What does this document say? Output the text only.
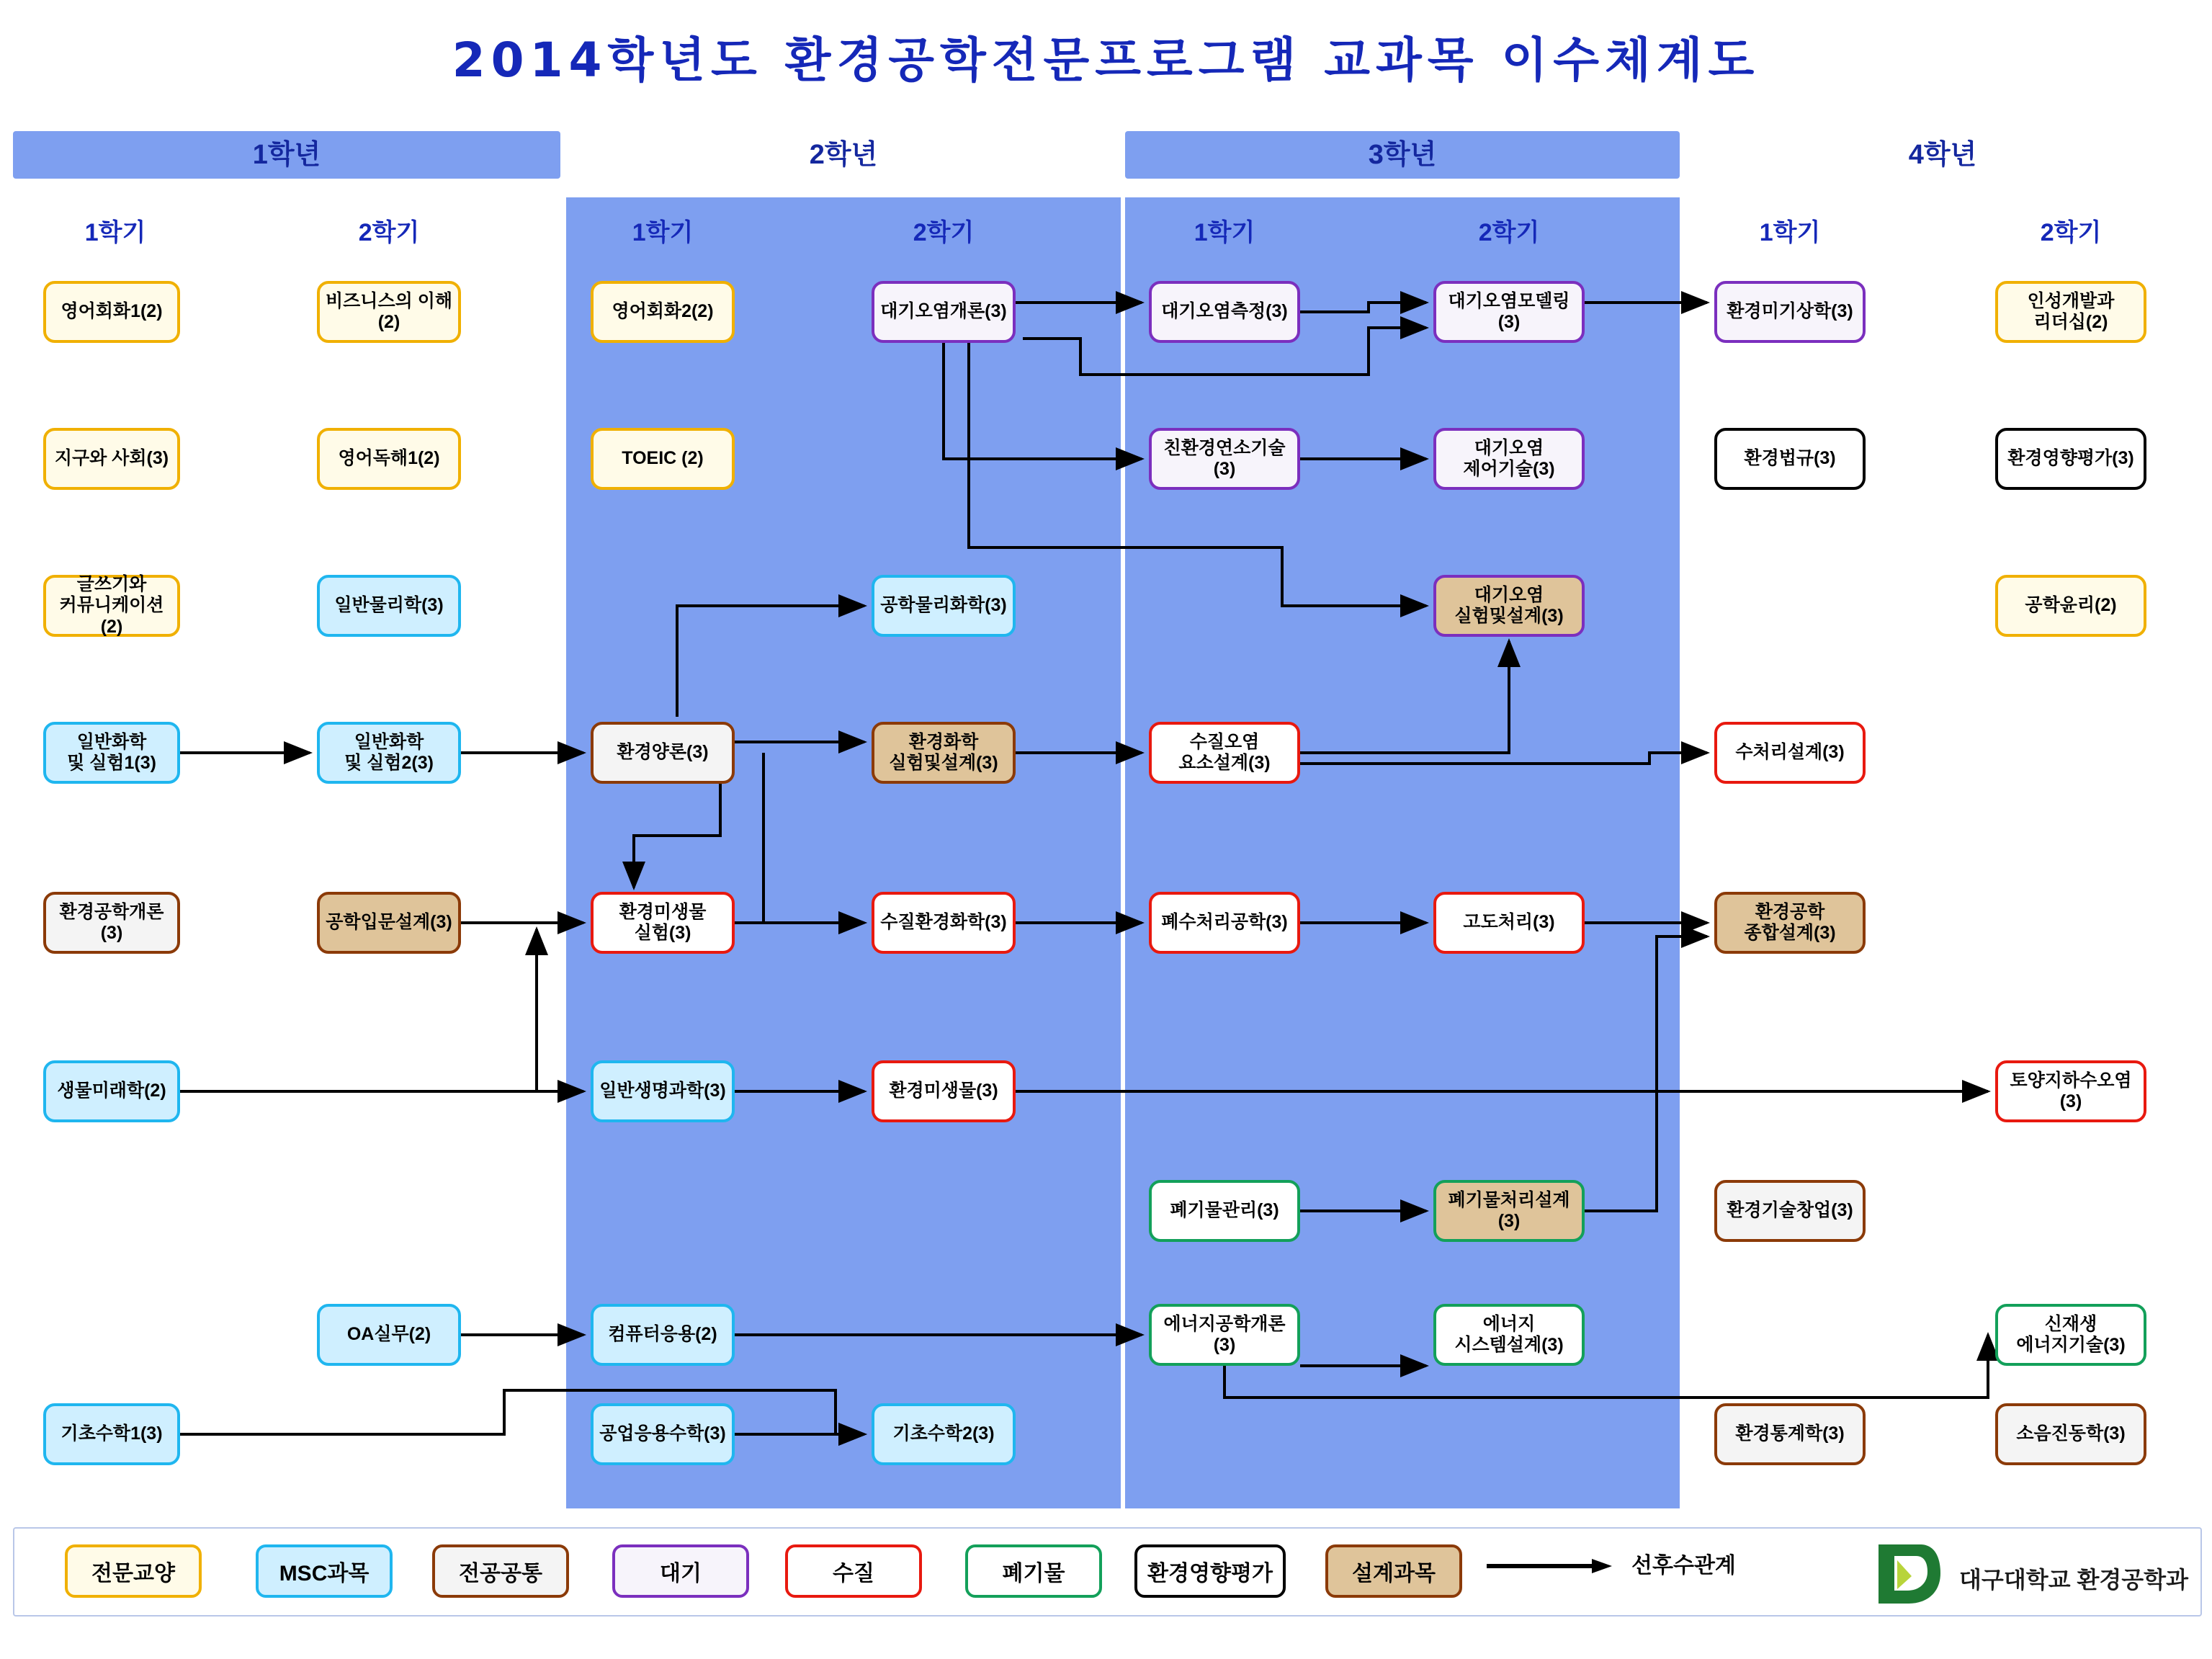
2014학년도 환경공학전문프로그램 교과목 이수체계도
1학년	2학년	3학년	4학년
1학기	2학기	1학기	2학기	1학기	2학기	1학기	2학기
영어회화1(2)
지구와 사회(3)
글쓰기와
커뮤니케이션(2)
일반화학
및 실험1(3)
환경공학개론(3)
생물미래학(2)
기초수학1(3)
비즈니스의 이해
(2)
영어독해1(2)
일반물리학(3)
일반화학
및 실험2(3)
공학입문설계(3)
OA실무(2)
영어회화2(2)
TOEIC (2)
환경양론(3)
환경미생물
실험(3)
일반생명과학(3)
컴퓨터응용(2)
공업응용수학(3)
대기오염개론(3)
공학물리화학(3)
환경화학
실험및설계(3)
수질환경화학(3)
환경미생물(3)
기초수학2(3)
대기오염측정(3)
친환경연소기술
(3)
수질오염
요소설계(3)
폐수처리공학(3)
폐기물관리(3)
에너지공학개론
(3)
대기오염모델링
(3)
대기오염
제어기술(3)
대기오염
실험및설계(3)
고도처리(3)
폐기물처리설계
(3)
에너지
시스템설계(3)
환경미기상학(3)
환경법규(3)
수처리설계(3)
환경공학
종합설계(3)
환경기술창업(3)
환경통계학(3)
인성개발과
리더십(2)
환경영향평가(3)
공학윤리(2)
토양지하수오염
(3)
신재생
에너지기술(3)
소음진동학(3)
선후수관계
대구대학교 환경공학과
전문교양	MSC과목	전공공통	대기	수질	폐기물	환경영향평가	설계과목
